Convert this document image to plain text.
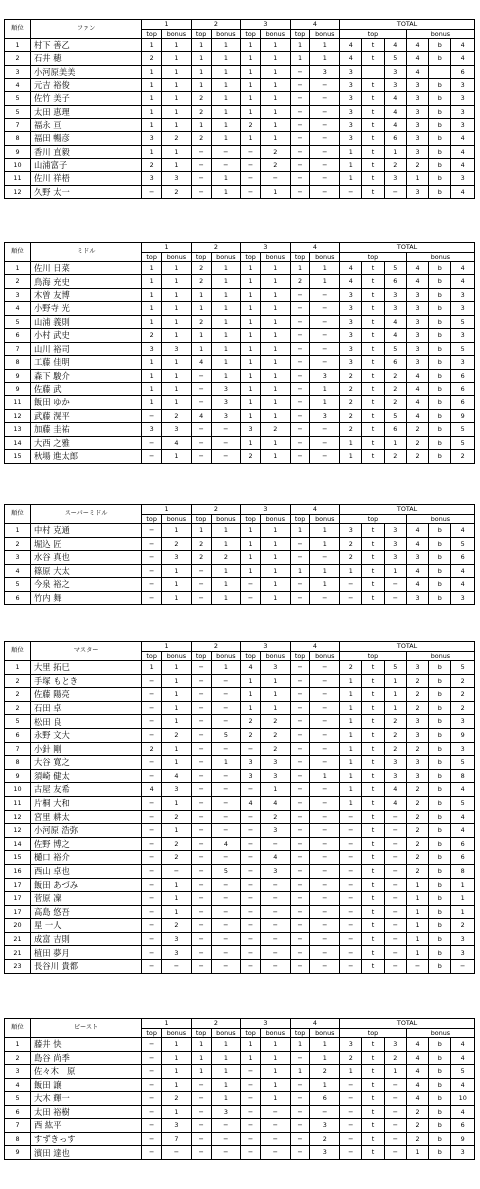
順位	ファン	1		2		3		4		TOTAL					
		top	bonus	top	bonus	top	bonus	top	bonus	top			bonus		
1	村下 善乙	1	1	1	1	1	1	1	1	4	t	4	4	b	4
2	石井 穂	2	1	1	1	1	1	1	1	4	t	5	4	b	4
3	小河原美美	1	1	1	1	1	1	−	3	3		3	4		6
4	元吉 裕俊	1	1	1	1	1	1	−	−	3	t	3	3	b	3
5	佐竹 美子	1	1	2	1	1	1	−	−	3	t	4	3	b	3
5	太田 恵理	1	1	2	1	1	1	−	−	3	t	4	3	b	3
7	福永 亘	1	1	1	1	2	1	−	−	3	t	4	3	b	3
8	福田 暢彦	3	2	2	1	1	1	−	−	3	t	6	3	b	4
9	香川 直毅	1	1	−	−	−	2	−	−	1	t	1	3	b	4
10	山浦富子	2	1	−	−	−	2	−	−	1	t	2	2	b	4
11	佐川 祥梧	3	3	−	1	−	−	−	−	1	t	3	1	b	3
12	久野 太一	−	2	−	1	−	1	−	−	−	t	−	3	b	4
順位	ミドル	1		2		3		4		TOTAL					
		top	bonus	top	bonus	top	bonus	top	bonus	top			bonus		
1	佐川 日菜	1	1	2	1	1	1	1	1	4	t	5	4	b	4
2	鳥海 充史	1	1	2	1	1	1	2	1	4	t	6	4	b	4
3	木曽 友博	1	1	1	1	1	1	−	−	3	t	3	3	b	3
4	小野寺 光	1	1	1	1	1	1	−	−	3	t	3	3	b	3
5	山浦 義則	1	1	2	1	1	1	−	−	3	t	4	3	b	5
6	小村 武史	2	1	1	1	1	1	−	−	3	t	4	3	b	3
7	山川 裕司	3	3	1	1	1	1	−	−	3	t	5	3	b	5
8	工藤 佳明	1	1	4	1	1	1	−	−	3	t	6	3	b	3
9	森下 駿介	1	1	−	1	1	1	−	3	2	t	2	4	b	6
9	佐藤 武	1	1	−	3	1	1	−	1	2	t	2	4	b	6
11	飯田 ゆか	1	1	−	3	1	1	−	1	2	t	2	4	b	6
12	武藤 滉平	−	2	4	3	1	1	−	3	2	t	5	4	b	9
13	加藤 圭祐	3	3	−	−	3	2	−	−	2	t	6	2	b	5
14	大西 之雅	−	4	−	−	1	1	−	−	1	t	1	2	b	5
15	秋場 進太郎	−	1	−	−	2	1	−	−	1	t	2	2	b	2
順位	スーパーミドル	1		2		3		4		TOTAL					
		top	bonus	top	bonus	top	bonus	top	bonus	top			bonus		
1	中村 克通	−	1	1	1	1	1	1	1	3	t	3	4	b	4
2	堀込 匠	−	2	2	1	1	1	−	1	2	t	3	4	b	5
3	水谷 真也	−	3	2	2	1	1	−	−	2	t	3	3	b	6
4	篠原 大太	−	1	−	1	1	1	1	1	1	t	1	4	b	4
5	今泉 裕之	−	1	−	1	−	1	−	1	−	t	−	4	b	4
6	竹内 舞	−	1	−	1	−	1	−	−	−	t	−	3	b	3
順位	マスター	1		2		3		4		TOTAL					
		top	bonus	top	bonus	top	bonus	top	bonus	top			bonus		
1	大里 拓巳	1	1	−	1	4	3	−	−	2	t	5	3	b	5
2	手塚 もとき	−	1	−	−	1	1	−	−	1	t	1	2	b	2
2	佐藤 陽亮	−	1	−	−	1	1	−	−	1	t	1	2	b	2
2	石田 卓	−	1	−	−	1	1	−	−	1	t	1	2	b	2
5	松田 良	−	1	−	−	2	2	−	−	1	t	2	3	b	3
6	永野 文大	−	2	−	5	2	2	−	−	1	t	2	3	b	9
7	小針 剛	2	1	−	−	−	2	−	−	1	t	2	2	b	3
8	大谷 寛之	−	1	−	1	3	3	−	−	1	t	3	3	b	5
9	須崎 健太	−	4	−	−	3	3	−	1	1	t	3	3	b	8
10	古屋 友希	4	3	−	−	−	1	−	−	1	t	4	2	b	4
11	片桐 大和	−	1	−	−	4	4	−	−	1	t	4	2	b	5
12	宮里 耕太	−	2	−	−	−	2	−	−	−	t	−	2	b	4
12	小河原 浩弥	−	1	−	−	−	3	−	−	−	t	−	2	b	4
14	佐野 博之	−	2	−	4	−	−	−	−	−	t	−	2	b	6
15	樋口 裕介	−	2	−	−	−	4	−	−	−	t	−	2	b	6
16	西山 卓也	−	−	−	5	−	3	−	−	−	t	−	2	b	8
17	飯田 あづみ	−	1	−	−	−	−	−	−	−	t	−	1	b	1
17	菅原 凜	−	1	−	−	−	−	−	−	−	t	−	1	b	1
17	高島 悠吾	−	1	−	−	−	−	−	−	−	t	−	1	b	1
20	星 一人	−	2	−	−	−	−	−	−	−	t	−	1	b	2
21	成富 吉則	−	3	−	−	−	−	−	−	−	t	−	1	b	3
21	植田 夢月	−	3	−	−	−	−	−	−	−	t	−	1	b	3
23	長谷川 貴都	−	−	−	−	−	−	−	−	−	t	−	−	b	−
順位	ビースト	1		2		3		4		TOTAL					
		top	bonus	top	bonus	top	bonus	top	bonus	top			bonus		
1	藤井 快	−	1	1	1	1	1	1	1	3	t	3	4	b	4
2	島谷 尚季	−	1	1	1	1	1	−	1	2	t	2	4	b	4
3	佐々木　原	−	1	1	1	−	1	1	2	1	t	1	4	b	5
4	飯田 譲	−	1	−	1	−	1	−	1	−	t	−	4	b	4
5	大木 輝一	−	2	−	1	−	1	−	6	−	t	−	4	b	10
6	太田 裕樹	−	1	−	3	−	−	−	−	−	t	−	2	b	4
7	西 紘平	−	3	−	−	−	−	−	3	−	t	−	2	b	6
8	すずきっす	−	7	−	−	−	−	−	2	−	t	−	2	b	9
9	濱田 達也	−	−	−	−	−	−	−	3	−	t	−	1	b	3
